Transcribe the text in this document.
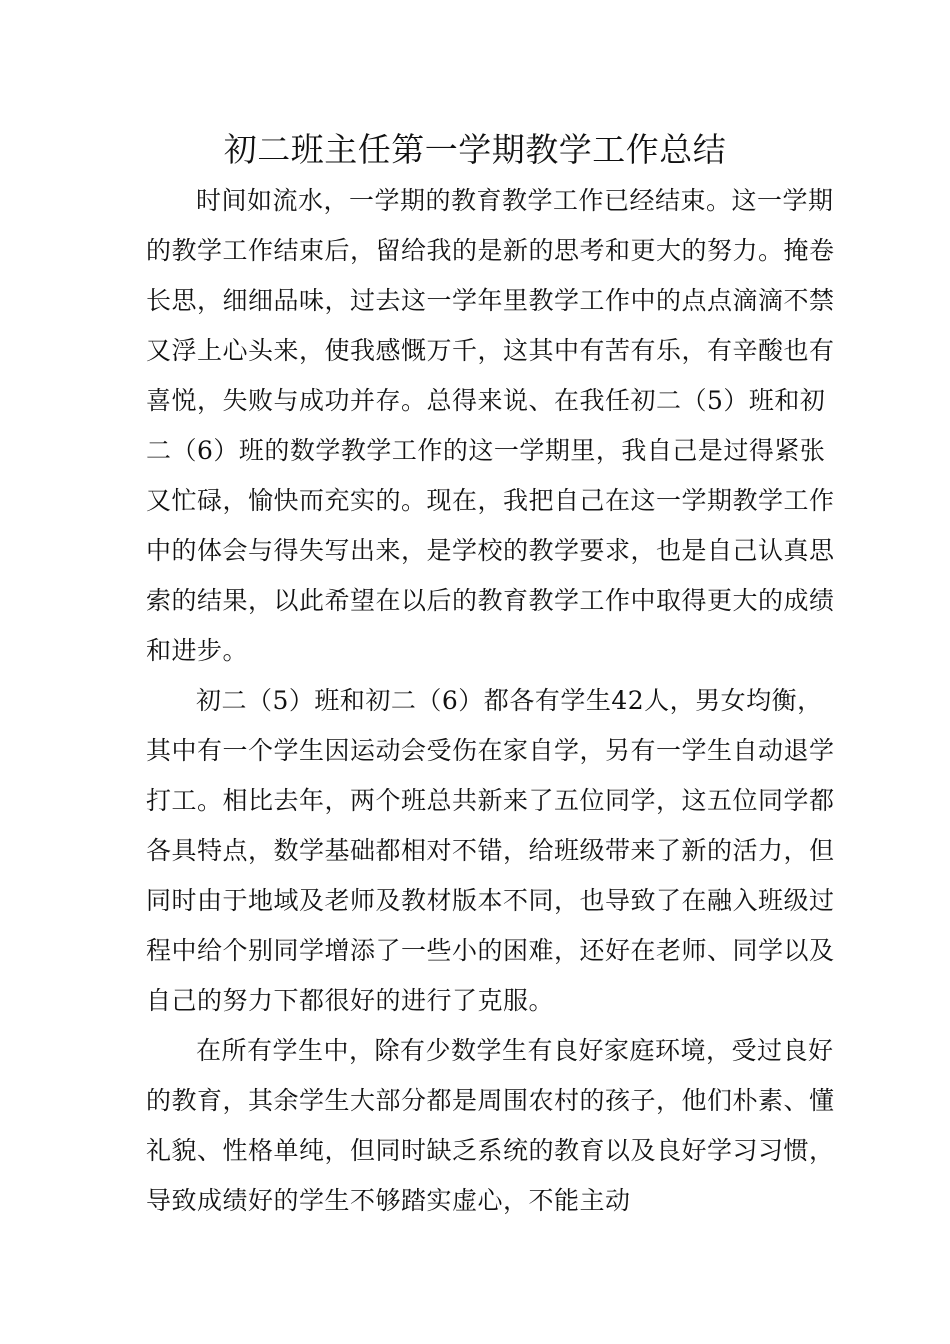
初二班主任第一学期教学工作总结

时间如流水，一学期的教育教学工作已经结束。这一学期的教学工作结束后，留给我的是新的思考和更大的努力。掩卷长思，细细品味，过去这一学年里教学工作中的点点滴滴不禁又浮上心头来，使我感慨万千，这其中有苦有乐，有辛酸也有喜悦，失败与成功并存。总得来说、在我任初二（5）班和初二（6）班的数学教学工作的这一学期里，我自己是过得紧张又忙碌，愉快而充实的。现在，我把自己在这一学期教学工作中的体会与得失写出来，是学校的教学要求，也是自己认真思索的结果，以此希望在以后的教育教学工作中取得更大的成绩和进步。

初二（5）班和初二（6）都各有学生42人，男女均衡，其中有一个学生因运动会受伤在家自学，另有一学生自动退学打工。相比去年，两个班总共新来了五位同学，这五位同学都各具特点，数学基础都相对不错，给班级带来了新的活力，但同时由于地域及老师及教材版本不同，也导致了在融入班级过程中给个别同学增添了一些小的困难，还好在老师、同学以及自己的努力下都很好的进行了克服。

在所有学生中，除有少数学生有良好家庭环境，受过良好的教育，其余学生大部分都是周围农村的孩子，他们朴素、懂礼貌、性格单纯，但同时缺乏系统的教育以及良好学习习惯，导致成绩好的学生不够踏实虚心，不能主动
